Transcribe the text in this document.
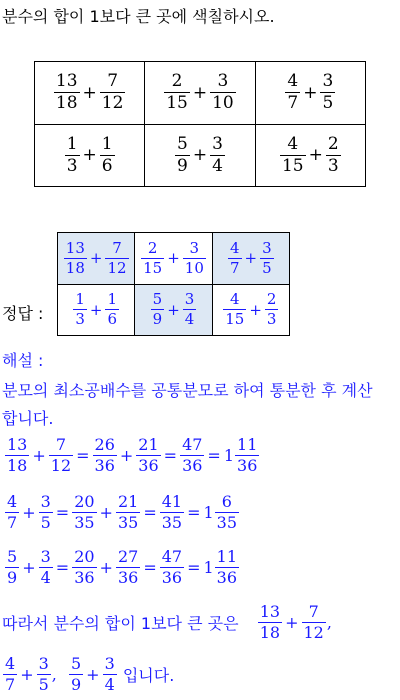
분수의 합이 1보다 큰 곳에 색칠하시오.
$\frac{13}{18} + \frac{7}{12}$	$\frac{2}{15} + \frac{3}{10}$	$\frac{4}{7} + \frac{3}{5}$

$\frac{1}{3} + \frac{1}{6}$	$\frac{5}{9} + \frac{3}{4}$	$\frac{4}{15} + \frac{2}{3}$
정답 :
$\frac{13}{18} + \frac{7}{12}$	$\frac{2}{15} + \frac{3}{10}$	$\frac{4}{7} + \frac{3}{5}$

$\frac{1}{3} + \frac{1}{6}$	$\frac{5}{9} + \frac{3}{4}$	$\frac{4}{15} + \frac{2}{3}$
해설 :
분모의 최소공배수를 공통분모로 하여 통분한 후 계산
합니다.
$\frac{13}{18} + \frac{7}{12} = \frac{26}{36} + \frac{21}{36} = \frac{47}{36} = 1 \frac{11}{36}$
$\frac{4}{7} + \frac{3}{5} = \frac{20}{35} + \frac{21}{35} = \frac{41}{35} = 1 \frac{6}{35}$
$\frac{5}{9} + \frac{3}{4} = \frac{20}{36} + \frac{27}{36} = \frac{47}{36} = 1 \frac{11}{36}$
따라서 분수의 합이 1보다 큰 곳은 $\frac{13}{18} + \frac{7}{12}$ ,
$\frac{4}{7} + \frac{3}{5}$ , $\frac{5}{9} + \frac{3}{4}$ 입니다.
